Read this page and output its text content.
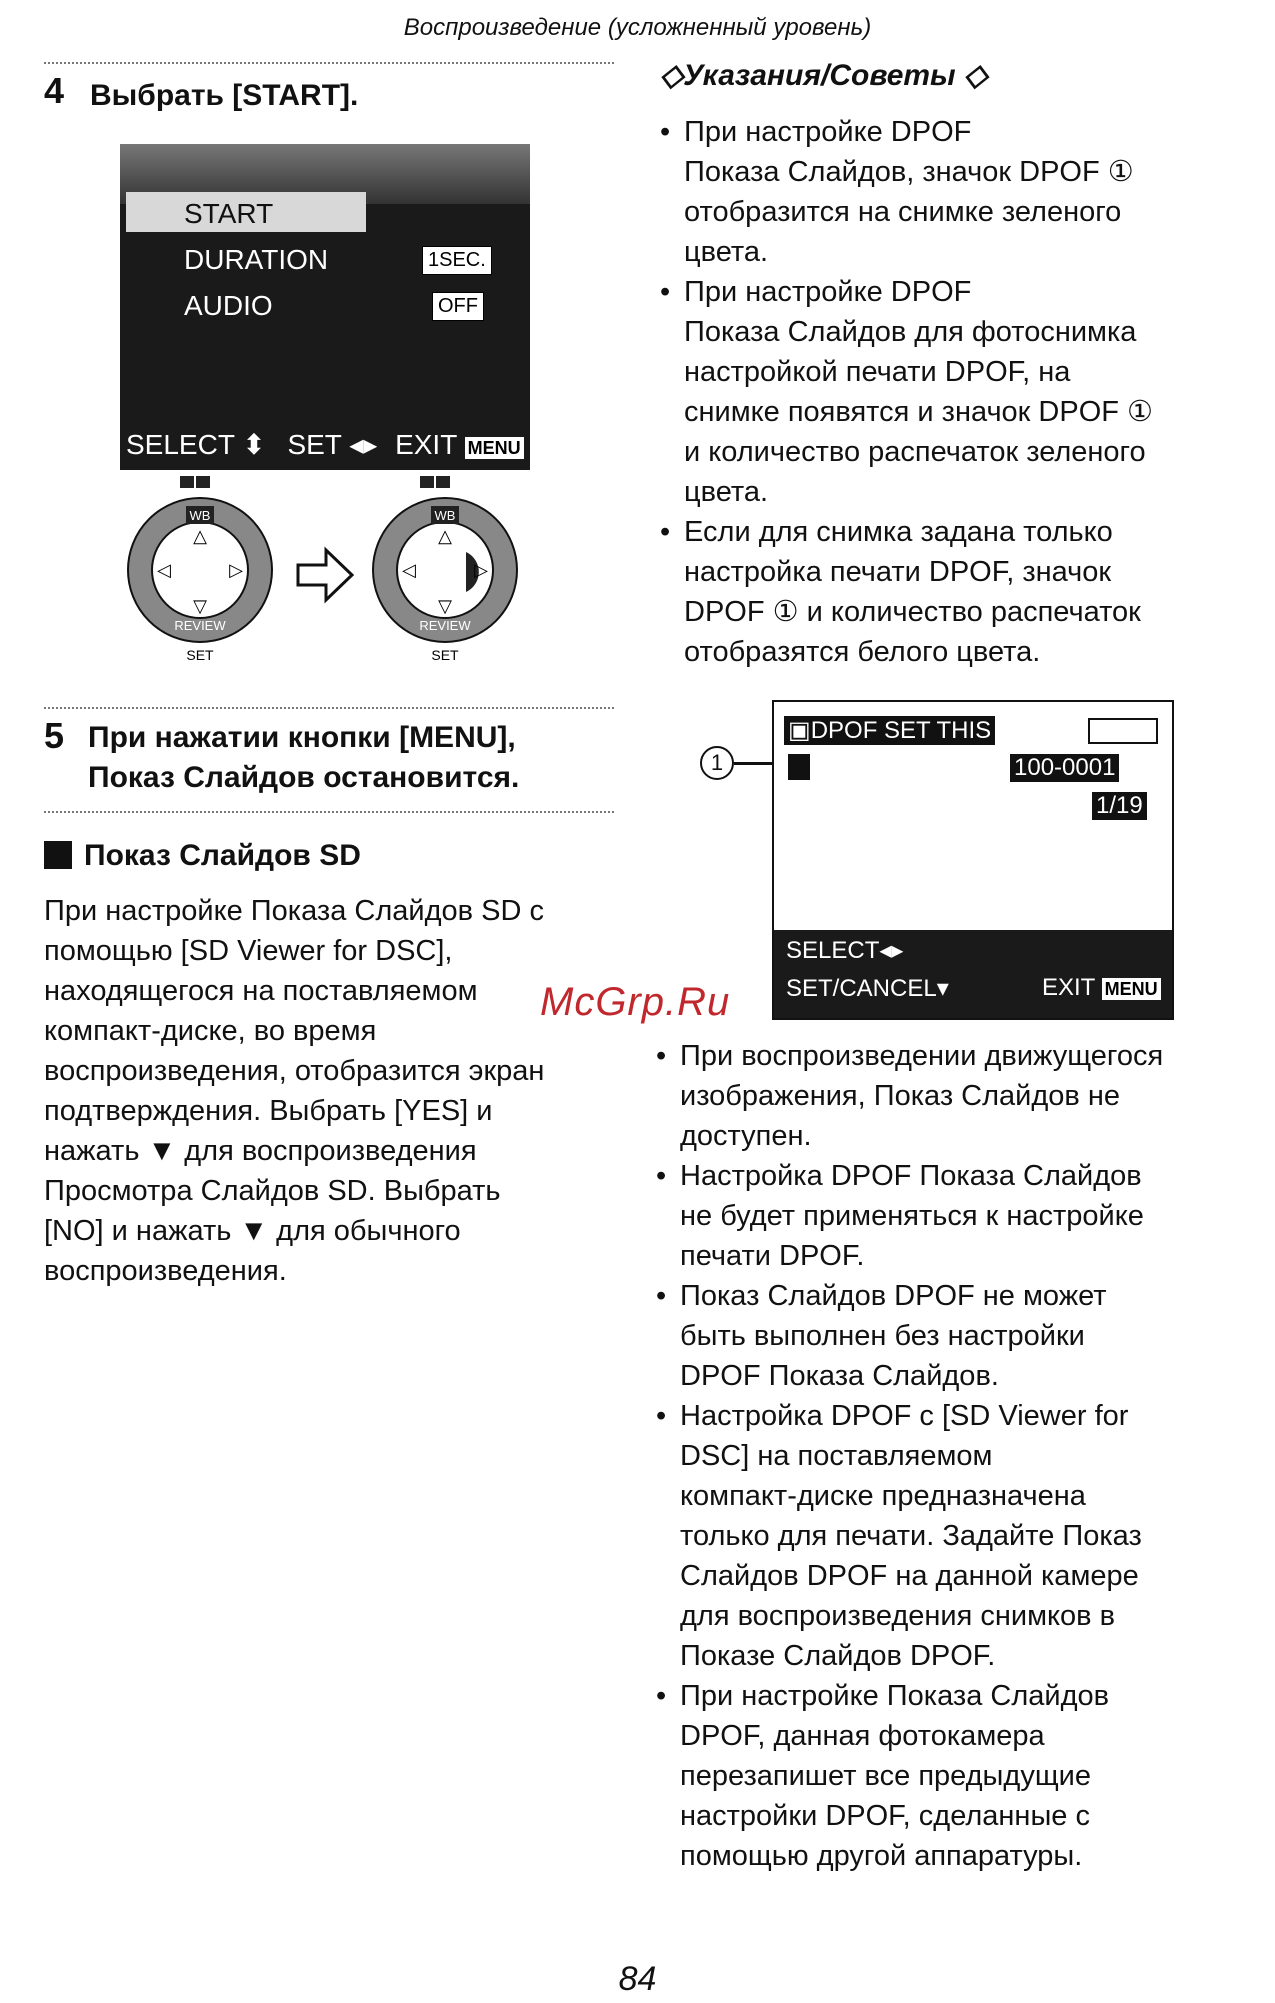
Воспроизведение (усложненный уровень)
4 Выбрать [START].
START
DURATION	1SEC.
AUDIO	OFF
SELECT ⬍ SET ◂▸ EXIT MENU
WB
△
▽
◁	▷
REVIEW
SET
WB
△
▽
◁	▷
REVIEW
SET
5 При нажатии кнопки [MENU],
Показ Слайдов остановится.
Показ Слайдов SD
При настройке Показа Слайдов SD с
помощью [SD Viewer for DSC],
находящегося на поставляемом
компакт-диске, во время
воспроизведения, отобразится экран
подтверждения. Выбрать [YES] и
нажать ▼ для воспроизведения
Просмотра Слайдов SD. Выбрать
[NO] и нажать ▼ для обычного
воспроизведения.
◇Указания/Советы ◇
• При настройке DPOF
Показа Слайдов, значок DPOF ①
отобразится на снимке зеленого
цвета.
• При настройке DPOF
Показа Слайдов для фотоснимка
настройкой печати DPOF, на
снимке появятся и значок DPOF ①
и количество распечаток зеленого
цвета.
• Если для снимка задана только
настройка печати DPOF, значок
DPOF ① и количество распечаток
отобразятся белого цвета.
1
▣DPOF SET THIS
100-0001
1/19
SELECT◂▸
SET/CANCEL▾	EXIT MENU
McGrp.Ru
• При воспроизведении движущегося
изображения, Показ Слайдов не
доступен.
• Настройка DPOF Показа Слайдов
не будет применяться к настройке
печати DPOF.
• Показ Слайдов DPOF не может
быть выполнен без настройки
DPOF Показа Слайдов.
• Настройка DPOF с [SD Viewer for
DSC] на поставляемом
компакт-диске предназначена
только для печати. Задайте Показ
Слайдов DPOF на данной камере
для воспроизведения снимков в
Показе Слайдов DPOF.
• При настройке Показа Слайдов
DPOF, данная фотокамера
перезапишет все предыдущие
настройки DPOF, сделанные с
помощью другой аппаратуры.
84
